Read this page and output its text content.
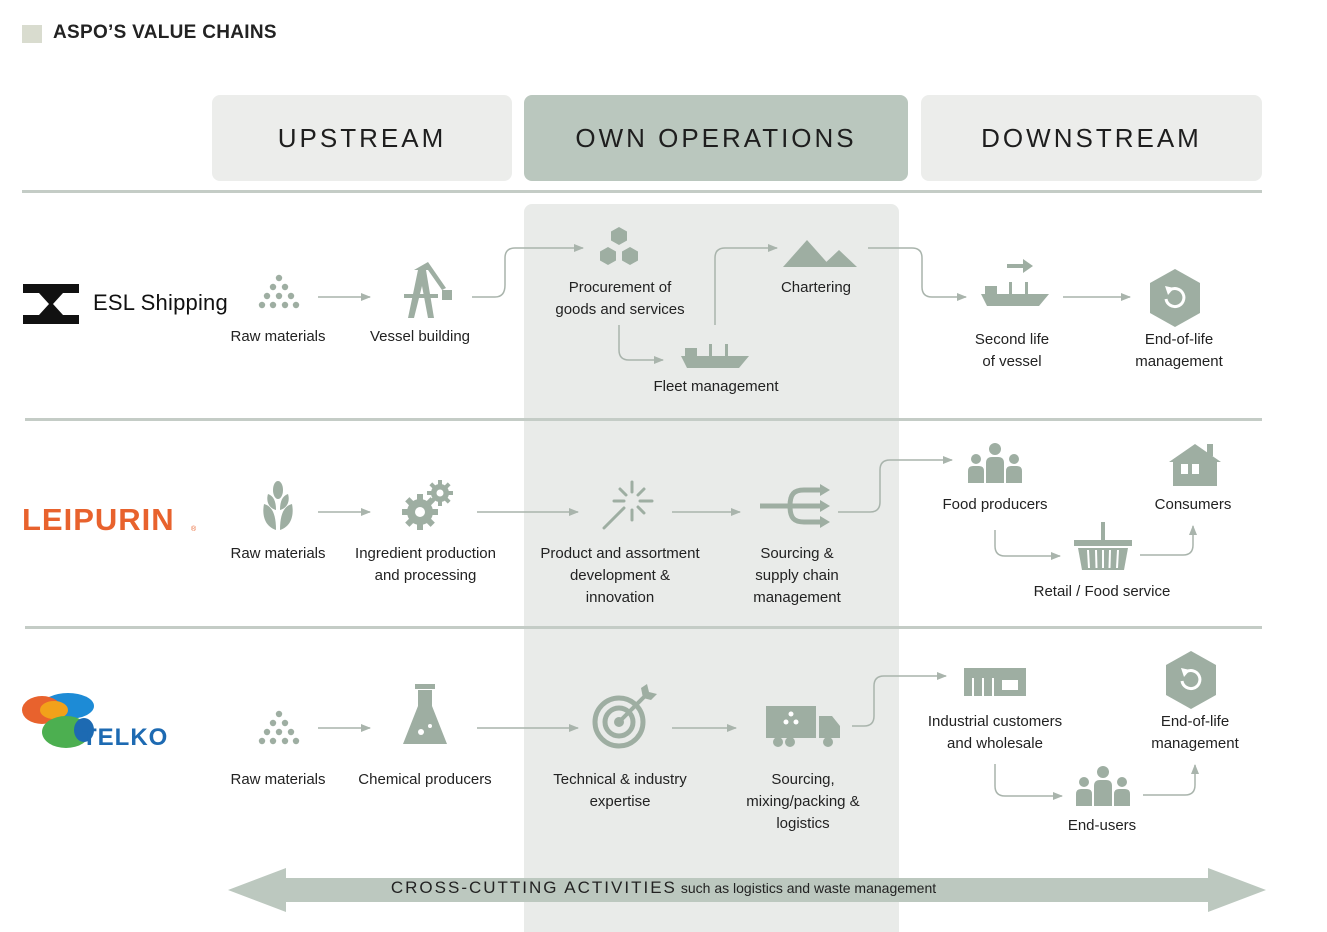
ASPO’S VALUE CHAINS
UPSTREAM	OWN OPERATIONS	DOWNSTREAM
ESL Shipping
Raw materials	Vessel building
Procurement of
goods and services
Chartering
Fleet management
Second life
of vessel
End-of-life
management
LEIPURIN ®
Raw materials	Ingredient production
and processing
Product and assortment
development &
innovation
Sourcing &
supply chain
management
Food producers	Consumers
Retail / Food service
TELKO
Raw materials	Chemical producers	Technical & industry
expertise
Sourcing,
mixing/packing &
logistics
Industrial customers
and wholesale
End-of-life
management
End-users
CROSS-CUTTING ACTIVITIES such as logistics and waste management
